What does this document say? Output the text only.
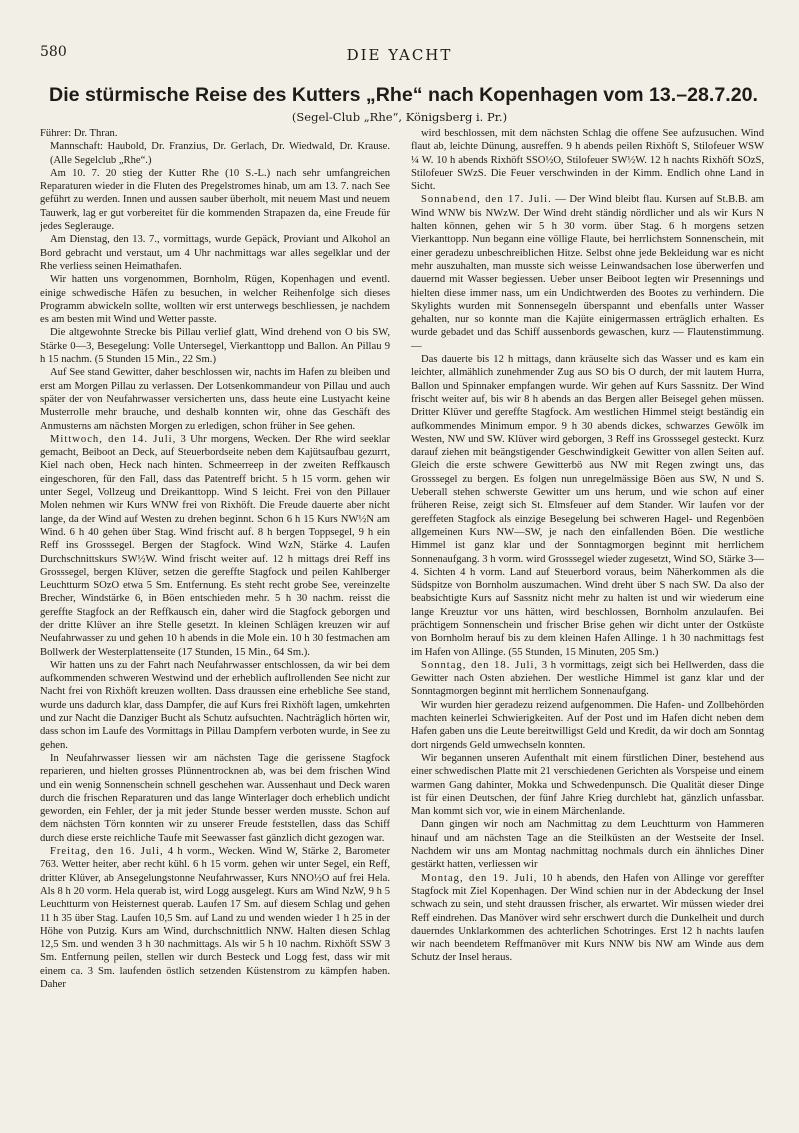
580	DIE YACHT
Die stürmische Reise des Kutters „Rhe“ nach Kopenhagen vom 13.–28.7.20.
(Segel-Club „Rhe“, Königsberg i. Pr.)

Führer: Dr. Thran.

Mannschaft: Haubold, Dr. Franzius, Dr. Gerlach, Dr. Wiedwald, Dr. Krause. (Alle Segelclub „Rhe“.)

Am 10. 7. 20 stieg der Kutter Rhe (10 S.-L.) nach sehr umfangreichen Reparaturen wieder in die Fluten des Pregelstromes hinab, um am 13. 7. nach See geführt zu werden. Innen und aussen sauber überholt, mit neuem Mast und neuem Tauwerk, lag er gut vorbereitet für die kommenden Strapazen da, eine Freude für jedes Seglerauge.

Am Dienstag, den 13. 7., vormittags, wurde Gepäck, Proviant und Alkohol an Bord gebracht und verstaut, um 4 Uhr nachmittags war alles segelklar und der Rhe verliess seinen Heimathafen.

Wir hatten uns vorgenommen, Bornholm, Rügen, Kopenhagen und eventl. einige schwedische Häfen zu besuchen, in welcher Reihenfolge sich dieses Programm abwickeln sollte, wollten wir erst unterwegs beschliessen, je nachdem es am besten mit Wind und Wetter passte.

Die altgewohnte Strecke bis Pillau verlief glatt, Wind drehend von O bis SW, Stärke 0—3, Besegelung: Volle Untersegel, Vierkanttopp und Ballon. An Pillau 9 h 15 nachm. (5 Stunden 15 Min., 22 Sm.)

Auf See stand Gewitter, daher beschlossen wir, nachts im Hafen zu bleiben und erst am Morgen Pillau zu verlassen. Der Lotsenkommandeur von Pillau und auch später der von Neufahrwasser versicherten uns, dass heute eine Lustyacht keine Musterrolle mehr brauche, und deshalb konnten wir, ohne das Geschäft des Anmusterns am nächsten Morgen zu erledigen, schon früher in See gehen.

Mittwoch, den 14. Juli, 3 Uhr morgens, Wecken. Der Rhe wird seeklar gemacht, Beiboot an Deck, auf Steuerbordseite neben dem Kajütsaufbau gezurrt, Kiel nach oben, Heck nach hinten. Schmeerreep in der zweiten Reffkausch eingeschoren, für den Fall, dass das Patentreff bricht. 5 h 15 vorm. gehen wir unter Segel, Vollzeug und Dreikanttopp. Wind S leicht. Frei von den Pillauer Molen nehmen wir Kurs WNW frei von Rixhöft. Die Freude dauerte aber nicht lange, da der Wind auf Westen zu drehen beginnt. Schon 6 h 15 Kurs NW½N am Wind. 6 h 40 gehen über Stag. Wind frischt auf. 8 h bergen Toppsegel, 9 h ein Reff ins Grosssegel. Bergen der Stagfock. Wind WzN, Stärke 4. Laufen Durchschnittskurs SW½W. Wind frischt weiter auf. 12 h mittags drei Reff ins Grosssegel, bergen Klüver, setzen die gereffte Stagfock und peilen Kahlberger Leuchtturm SOzO etwa 5 Sm. Entfernung. Es steht recht grobe See, vereinzelte Brecher, Windstärke 6, in Böen entschieden mehr. 5 h 30 nachm. reisst die gereffte Stagfock an der Reffkausch ein, daher wird die Stagfock geborgen und der dritte Klüver an ihre Stelle gesetzt. In kleinen Schlägen kreuzen wir auf Neufahrwasser zu und gehen 10 h abends in die Mole ein. 10 h 30 festmachen am Bollwerk der Westerplattenseite (17 Stunden, 15 Min., 64 Sm.).

Wir hatten uns zu der Fahrt nach Neufahrwasser entschlossen, da wir bei dem aufkommenden schweren Westwind und der erheblich auflrollenden See nicht zur Nacht frei von Rixhöft kreuzen wollten. Dass draussen eine erhebliche See stand, wurde uns dadurch klar, dass Dampfer, die auf Kurs frei Rixhöft lagen, umkehrten und zur Nacht die Danziger Bucht als Schutz aufsuchten. Nachträglich hörten wir, dass schon im Laufe des Vormittags in Pillau Dampfern verboten wurde, in See zu gehen.

In Neufahrwasser liessen wir am nächsten Tage die gerissene Stagfock reparieren, und hielten grosses Plünnentrocknen ab, was bei dem frischen Wind und ein wenig Sonnenschein schnell geschehen war. Aussenhaut und Deck waren durch die frischen Reparaturen und das lange Winterlager doch erheblich undicht geworden, ein Fehler, der ja mit jeder Stunde besser werden musste. Schon auf dem nächsten Törn konnten wir zu unserer Freude feststellen, dass das Schiff durch diese erste reichliche Taufe mit Seewasser fast gänzlich dicht gezogen war.

Freitag, den 16. Juli, 4 h vorm., Wecken. Wind W, Stärke 2, Barometer 763. Wetter heiter, aber recht kühl. 6 h 15 vorm. gehen wir unter Segel, ein Reff, dritter Klüver, ab Ansegelungstonne Neufahrwasser, Kurs NNO½O auf frei Hela. Als 8 h 20 vorm. Hela querab ist, wird Logg ausgelegt. Kurs am Wind NzW, 9 h 5 Leuchtturm von Heisternest querab. Laufen 17 Sm. auf diesem Schlag und gehen 11 h 35 über Stag. Laufen 10,5 Sm. auf Land zu und wenden wieder 1 h 25 in der Höhe von Putzig. Kurs am Wind, durchschnittlich NNW. Halten diesen Schlag 12,5 Sm. und wenden 3 h 30 nachmittags. Als wir 5 h 10 nachm. Rixhöft SSW 3 Sm. Entfernung peilen, stellen wir durch Besteck und Logg fest, dass wir mit einem ca. 3 Sm. laufenden östlich setzenden Küstenstrom zu kämpfen haben. Daher

wird beschlossen, mit dem nächsten Schlag die offene See aufzusuchen. Wind flaut ab, leichte Dünung, ausreffen. 9 h abends peilen Rixhöft S, Stilofeuer WSW ¼ W. 10 h abends Rixhöft SSO½O, Stilofeuer SW½W. 12 h nachts Rixhöft SOzS, Stilofeuer SWzS. Die Feuer verschwinden in der Kimm. Endlich ohne Land in Sicht.

Sonnabend, den 17. Juli. — Der Wind bleibt flau. Kursen auf St.B.B. am Wind WNW bis NWzW. Der Wind dreht ständig nördlicher und als wir Kurs N halten können, gehen wir 5 h 30 vorm. über Stag. 6 h morgens setzen Vierkanttopp. Nun begann eine völlige Flaute, bei herrlichstem Sonnenschein, mit einer geradezu unbeschreiblichen Hitze. Selbst ohne jede Bekleidung war es nicht mehr auszuhalten, man musste sich weisse Leinwandsachen lose überwerfen und dauernd mit Wasser begiessen. Ueber unser Beiboot legten wir Presennings und hielten diese immer nass, um ein Undichtwerden des Bootes zu verhindern. Die Skylights wurden mit Sonnensegeln überspannt und ebenfalls unter Wasser gehalten, nur so konnte man die Kajüte einigermassen erträglich erhalten. Es wurde gebadet und das Schiff aussenbords gewaschen, kurz — Flautenstimmung. —

Das dauerte bis 12 h mittags, dann kräuselte sich das Wasser und es kam ein leichter, allmählich zunehmender Zug aus SO bis O durch, der mit lautem Hurra, Ballon und Spinnaker empfangen wurde. Wir gehen auf Kurs Sassnitz. Der Wind frischt weiter auf, bis wir 8 h abends an das Bergen aller Beisegel gehen müssen. Dritter Klüver und gereffte Stagfock. Am westlichen Himmel steigt beständig ein aufkommendes Minimum empor. 9 h 30 abends dickes, schwarzes Gewölk im Westen, NW und SW. Klüver wird geborgen, 3 Reff ins Grosssegel gesteckt. Kurz darauf ziehen mit beängstigender Geschwindigkeit Gewitter von allen Seiten auf. Gleich die erste schwere Gewitterbö aus NW mit Regen zwingt uns, das Grosssegel zu bergen. Es folgen nun unregelmässige Böen aus SW, N und S. Ueberall stehen schwerste Gewitter um uns herum, und wie schon auf einer früheren Reise, zeigt sich St. Elmsfeuer auf dem Stander. Wir laufen vor der gereffeten Stagfock als einzige Besegelung bei schweren Hagel- und Regenböen allgemeinen Kurs NW—SW, je nach den einfallenden Böen. Die westliche Himmel ist ganz klar und der Sonntagmorgen beginnt mit herrlichem Sonnenaufgang. 3 h vorm. wird Grosssegel wieder zugesetzt, Wind SO, Stärke 3—4. Sichten 4 h vorm. Land auf Steuerbord voraus, beim Näherkommen als die Südspitze von Bornholm auszumachen. Wind dreht über S nach SW. Da also der beabsichtigte Kurs auf Sassnitz nicht mehr zu halten ist und wir wiederum eine lange Kreuztur vor uns hätten, wird beschlossen, Bornholm anzulaufen. Bei prächtigem Sonnenschein und frischer Brise gehen wir dicht unter der Ostküste von Bornholm herauf bis zu dem kleinen Hafen Allinge. 1 h 30 nachmittags fest im Hafen von Allinge. (55 Stunden, 15 Minuten, 205 Sm.)

Sonntag, den 18. Juli, 3 h vormittags, zeigt sich bei Hellwerden, dass die Gewitter nach Osten abziehen. Der westliche Himmel ist ganz klar und der Sonntagmorgen beginnt mit herrlichem Sonnenaufgang.

Wir wurden hier geradezu reizend aufgenommen. Die Hafen- und Zollbehörden machten keinerlei Schwierigkeiten. Auf der Post und im Hafen dicht neben dem Hafen gaben uns die Leute bereitwilligst Geld und Kredit, da wir doch am Sonntag dort nirgends Geld umwechseln konnten.

Wir begannen unseren Aufenthalt mit einem fürstlichen Diner, bestehend aus einer schwedischen Platte mit 21 verschiedenen Gerichten als Vorspeise und einem warmen Gang dahinter, Mokka und Schwedenpunsch. Die Qualität dieser Dinge ist für einen Deutschen, der fünf Jahre Krieg durchlebt hat, gänzlich unfassbar. Man kommt sich vor, wie in einem Märchenlande.

Dann gingen wir noch am Nachmittag zu dem Leuchtturm von Hammeren hinauf und am nächsten Tage an die Steilküsten an der Westseite der Insel. Nachdem wir uns am Montag nachmittag nochmals durch ein ähnliches Diner gestärkt hatten, verliessen wir

Montag, den 19. Juli, 10 h abends, den Hafen von Allinge vor gereffter Stagfock mit Ziel Kopenhagen. Der Wind schien nur in der Abdeckung der Insel schwach zu sein, und steht draussen frischer, als erwartet. Wir müssen wieder drei Reff eindrehen. Das Manöver wird sehr erschwert durch die Dunkelheit und durch dauerndes Unklarkommen des achterlichen Schotringes. Erst 12 h nachts laufen wir nach beendetem Reffmanöver mit Kurs NNW bis NW am Winde aus dem Schutz der Insel heraus.
